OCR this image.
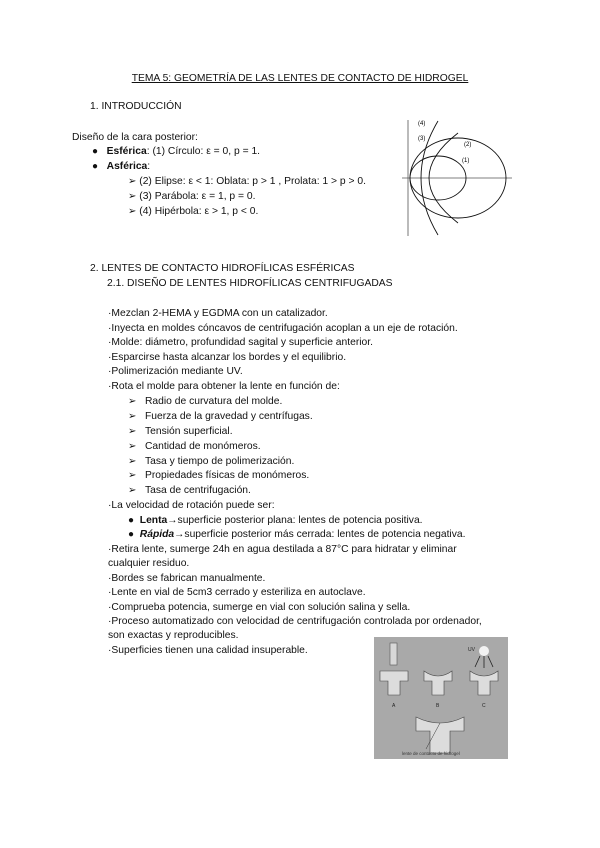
TEMA 5: GEOMETRÍA DE LAS LENTES DE CONTACTO DE HIDROGEL
1. INTRODUCCIÓN
Diseño de la cara posterior:
● Esférica: (1) Círculo: ε = 0, p = 1.
● Asférica:
➢ (2) Elipse: ε < 1: Oblata: p > 1 , Prolata: 1 > p > 0.
➢ (3) Parábola: ε = 1, p = 0.
➢ (4) Hipérbola: ε > 1, p < 0.
(4)
(3)
(2)
(1)
2. LENTES DE CONTACTO HIDROFÍLICAS ESFÉRICAS
2.1. DISEÑO DE LENTES HIDROFÍLICAS CENTRIFUGADAS
·Mezclan 2-HEMA y EGDMA con un catalizador.
·Inyecta en moldes cóncavos de centrifugación acoplan a un eje de rotación.
·Molde: diámetro, profundidad sagital y superficie anterior.
·Esparcirse hasta alcanzar los bordes y el equilibrio.
·Polimerización mediante UV.
·Rota el molde para obtener la lente en función de:
➢ Radio de curvatura del molde.
➢ Fuerza de la gravedad y centrífugas.
➢ Tensión superficial.
➢ Cantidad de monómeros.
➢ Tasa y tiempo de polimerización.
➢ Propiedades físicas de monómeros.
➢ Tasa de centrifugación.
·La velocidad de rotación puede ser:
● Lenta→superficie posterior plana: lentes de potencia positiva.
● Rápida→superficie posterior más cerrada: lentes de potencia negativa.
·Retira lente, sumerge 24h en agua destilada a 87°C para hidratar y eliminar
cualquier residuo.
·Bordes se fabrican manualmente.
·Lente en vial de 5cm3 cerrado y esteriliza en autoclave.
·Comprueba potencia, sumerge en vial con solución salina y sella.
·Proceso automatizado con velocidad de centrifugación controlada por ordenador,
son exactas y reproducibles.
·Superficies tienen una calidad insuperable.	UV
A	B	C
lente de contacto de hidrogel
